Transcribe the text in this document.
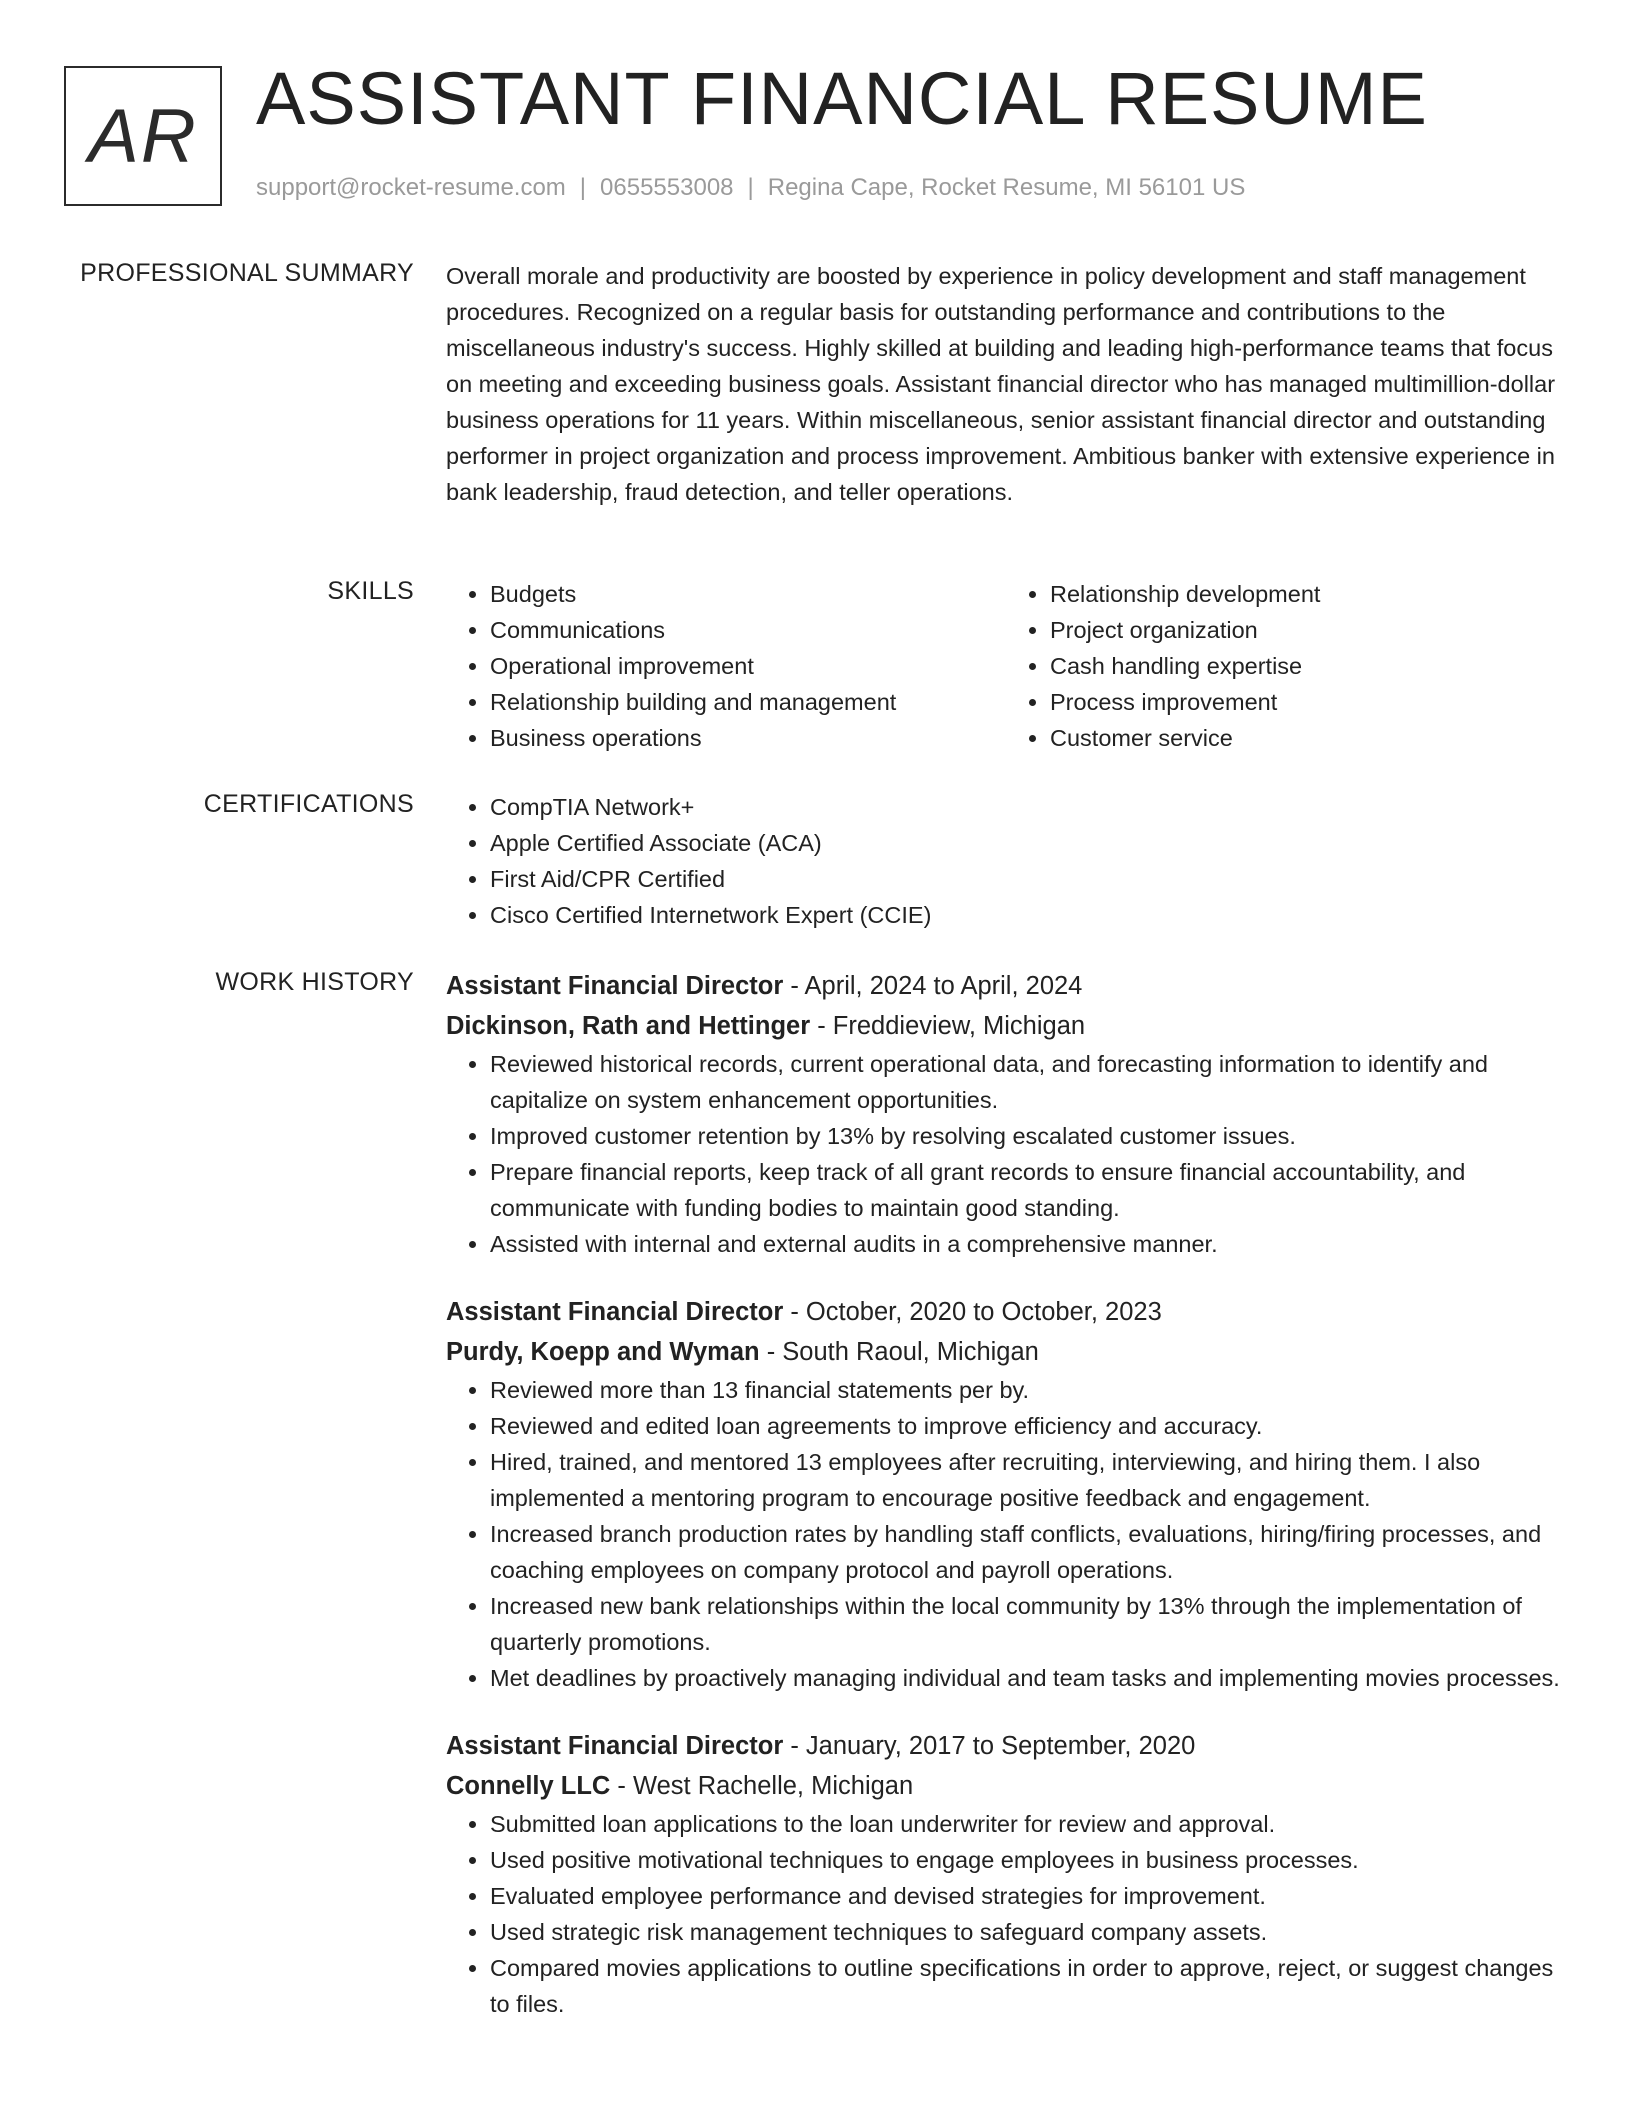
AR ASSISTANT FINANCIAL RESUME
support@rocket-resume.com | 0655553008 | Regina Cape, Rocket Resume, MI 56101 US
PROFESSIONAL SUMMARY Overall morale and productivity are boosted by experience in policy development and staff management procedures. Recognized on a regular basis for outstanding performance and contributions to the miscellaneous industry's success. Highly skilled at building and leading high-performance teams that focus on meeting and exceeding business goals. Assistant financial director who has managed multimillion-dollar business operations for 11 years. Within miscellaneous, senior assistant financial director and outstanding performer in project organization and process improvement. Ambitious banker with extensive experience in bank leadership, fraud detection, and teller operations.

SKILLS	• Budgets
• Communications
• Operational improvement
• Relationship building and management
• Business operations
• Relationship development
• Project organization
• Cash handling expertise
• Process improvement
• Customer service
CERTIFICATIONS	• CompTIA Network+
• Apple Certified Associate (ACA)
• First Aid/CPR Certified
• Cisco Certified Internetwork Expert (CCIE)
WORK HISTORY Assistant Financial Director - April, 2024 to April, 2024
Dickinson, Rath and Hettinger - Freddieview, Michigan
• Reviewed historical records, current operational data, and forecasting information to identify and capitalize on system enhancement opportunities.
• Improved customer retention by 13% by resolving escalated customer issues.
• Prepare financial reports, keep track of all grant records to ensure financial accountability, and communicate with funding bodies to maintain good standing.
• Assisted with internal and external audits in a comprehensive manner.
Assistant Financial Director - October, 2020 to October, 2023
Purdy, Koepp and Wyman - South Raoul, Michigan
• Reviewed more than 13 financial statements per by.
• Reviewed and edited loan agreements to improve efficiency and accuracy.
• Hired, trained, and mentored 13 employees after recruiting, interviewing, and hiring them. I also implemented a mentoring program to encourage positive feedback and engagement.
• Increased branch production rates by handling staff conflicts, evaluations, hiring/firing processes, and coaching employees on company protocol and payroll operations.
• Increased new bank relationships within the local community by 13% through the implementation of quarterly promotions.
• Met deadlines by proactively managing individual and team tasks and implementing movies processes.
Assistant Financial Director - January, 2017 to September, 2020
Connelly LLC - West Rachelle, Michigan
• Submitted loan applications to the loan underwriter for review and approval.
• Used positive motivational techniques to engage employees in business processes.
• Evaluated employee performance and devised strategies for improvement.
• Used strategic risk management techniques to safeguard company assets.
• Compared movies applications to outline specifications in order to approve, reject, or suggest changes to files.
